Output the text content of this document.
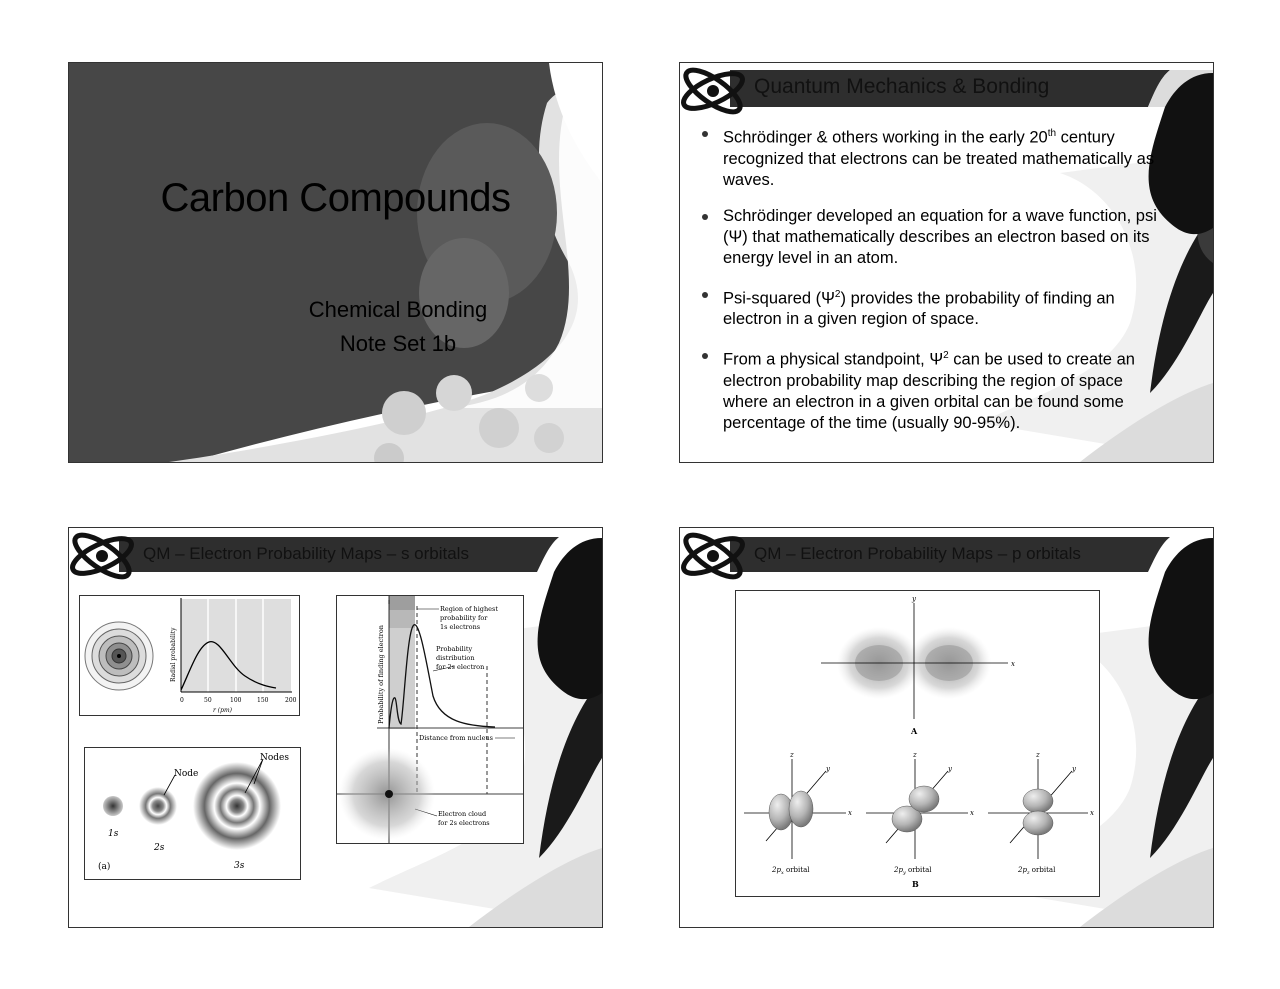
Carbon Compounds
Chemical Bonding
Note Set 1b
Quantum Mechanics & Bonding
Schrödinger & others working in the early 20th century recognized that electrons can be treated mathematically as waves.
Schrödinger developed an equation for a wave function, psi (Ψ) that mathematically describes an electron based on its energy level in an atom.
Psi-squared $(\Psi^2)$ provides the probability of finding an electron in a given region of space.
From a physical standpoint, $\Psi^2$ can be used to create an electron probability map describing the region of space where an electron in a given orbital can be found some percentage of the time (usually 90-95%).
QM – Electron Probability Maps – s orbitals
0	50	100	150	200
r (pm)
Radial probability
Node
Nodes
1s
2s
3s
(a)
Region of highest
probability for
1s electrons
Probability
distribution
for 2s electron
Distance from nucleus
Probability of finding electron
Electron cloud
for 2s electrons
QM – Electron Probability Maps – p orbitals
x
y
A
x
z
y
$2p_x$ orbital
x
z
y
$2p_y$ orbital
x
z
y
$2p_z$ orbital
B
